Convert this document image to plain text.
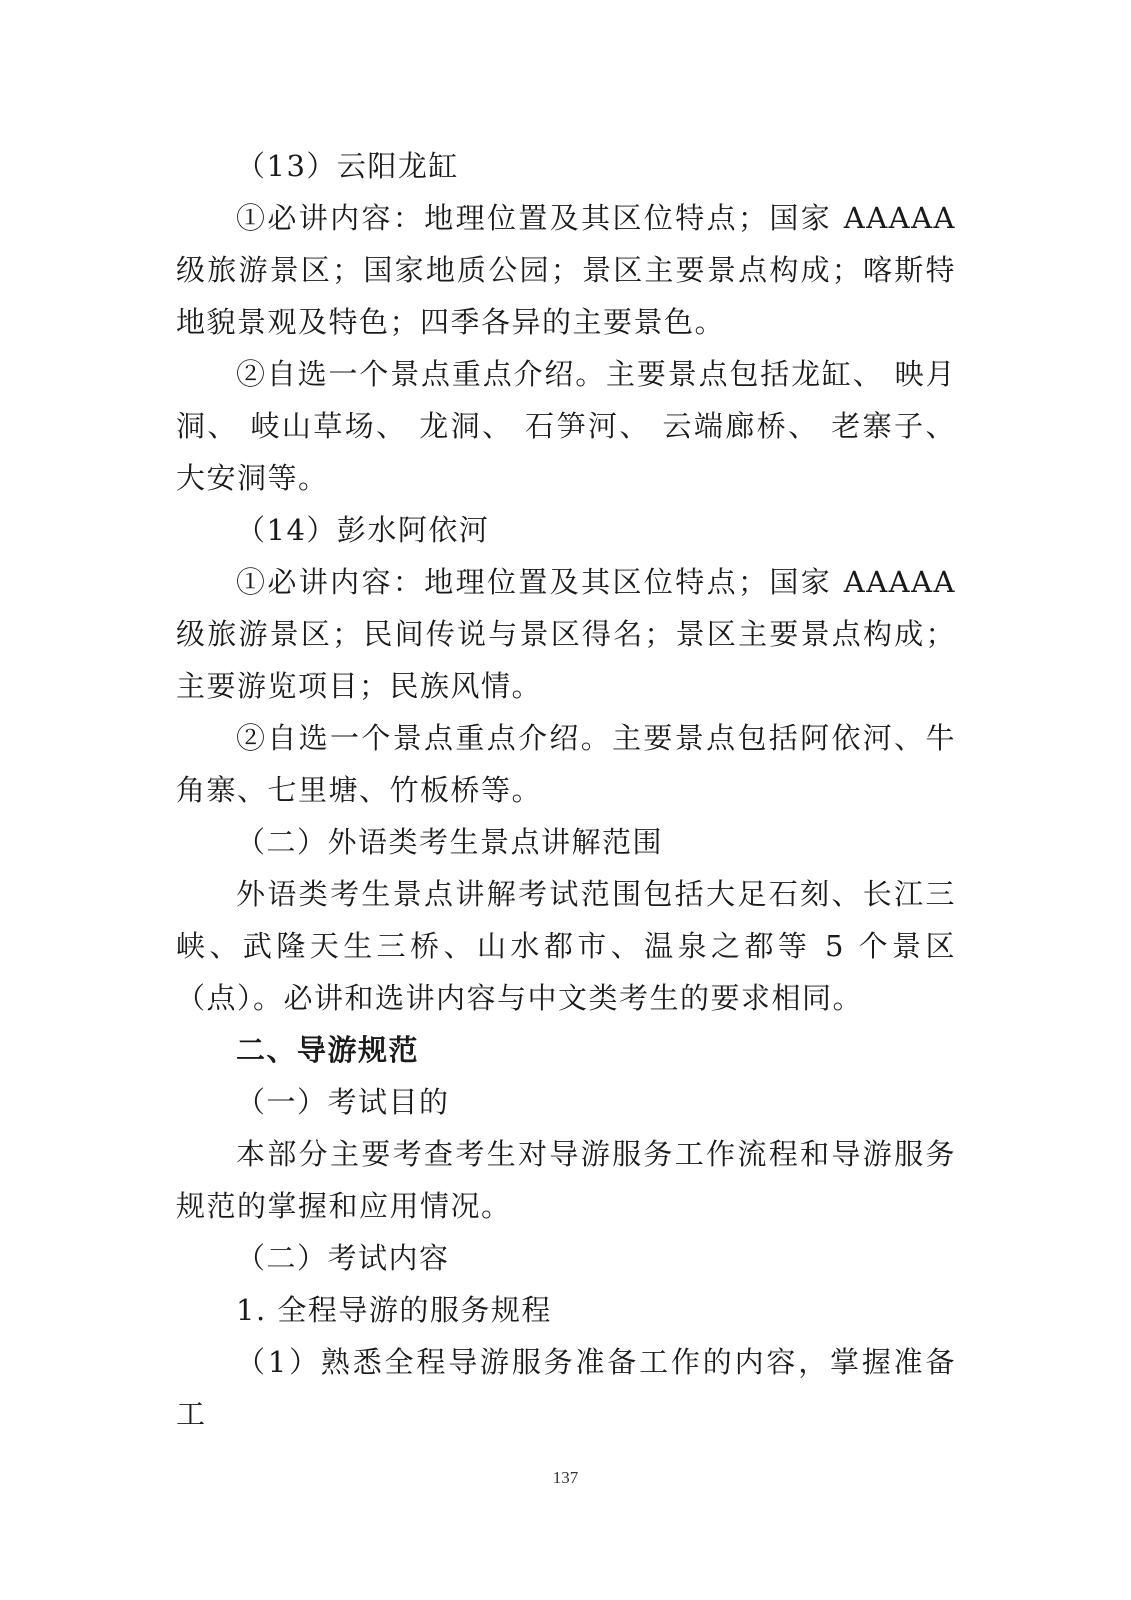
（13）云阳龙缸

①必讲内容：地理位置及其区位特点；国家 AAAAA 级旅游景区；国家地质公园；景区主要景点构成；喀斯特地貌景观及特色；四季各异的主要景色。

②自选一个景点重点介绍。主要景点包括龙缸、 映月洞、 岐山草场、 龙洞、 石笋河、 云端廊桥、 老寨子、 大安洞等。

（14）彭水阿依河

①必讲内容：地理位置及其区位特点；国家 AAAAA 级旅游景区；民间传说与景区得名；景区主要景点构成；主要游览项目；民族风情。

②自选一个景点重点介绍。主要景点包括阿依河、牛角寨、七里塘、竹板桥等。

（二）外语类考生景点讲解范围

外语类考生景点讲解考试范围包括大足石刻、长江三峡、武隆天生三桥、山水都市、温泉之都等 5 个景区（点）。必讲和选讲内容与中文类考生的要求相同。

二、导游规范

（一）考试目的

本部分主要考查考生对导游服务工作流程和导游服务规范的掌握和应用情况。

（二）考试内容

1. 全程导游的服务规程

（1）熟悉全程导游服务准备工作的内容，掌握准备工

137
